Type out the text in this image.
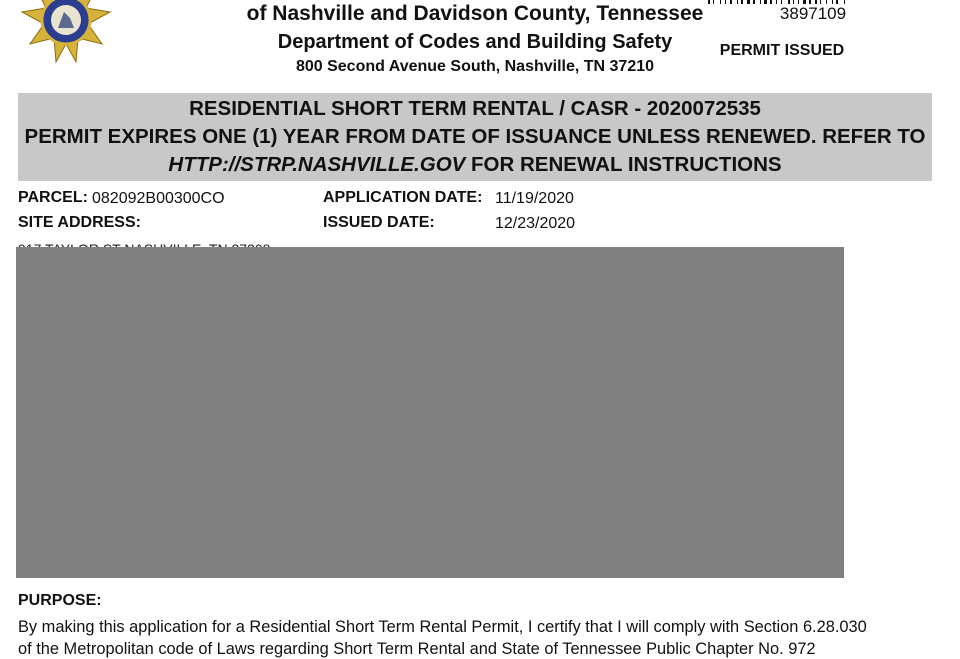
of Nashville and Davidson County, Tennessee
Department of Codes and Building Safety
800 Second Avenue South, Nashville, TN 37210
3897109
PERMIT ISSUED
RESIDENTIAL SHORT TERM RENTAL / CASR - 2020072535
PERMIT EXPIRES ONE (1) YEAR FROM DATE OF ISSUANCE UNLESS RENEWED. REFER TO
HTTP://STRP.NASHVILLE.GOV FOR RENEWAL INSTRUCTIONS
PARCEL: 082092B00300CO
SITE ADDRESS:
APPLICATION DATE: 11/19/2020
ISSUED DATE:	12/23/2020
PURPOSE:
By making this application for a Residential Short Term Rental Permit, I certify that I will comply with Section 6.28.030
of the Metropolitan code of Laws regarding Short Term Rental and State of Tennessee Public Chapter No. 972
